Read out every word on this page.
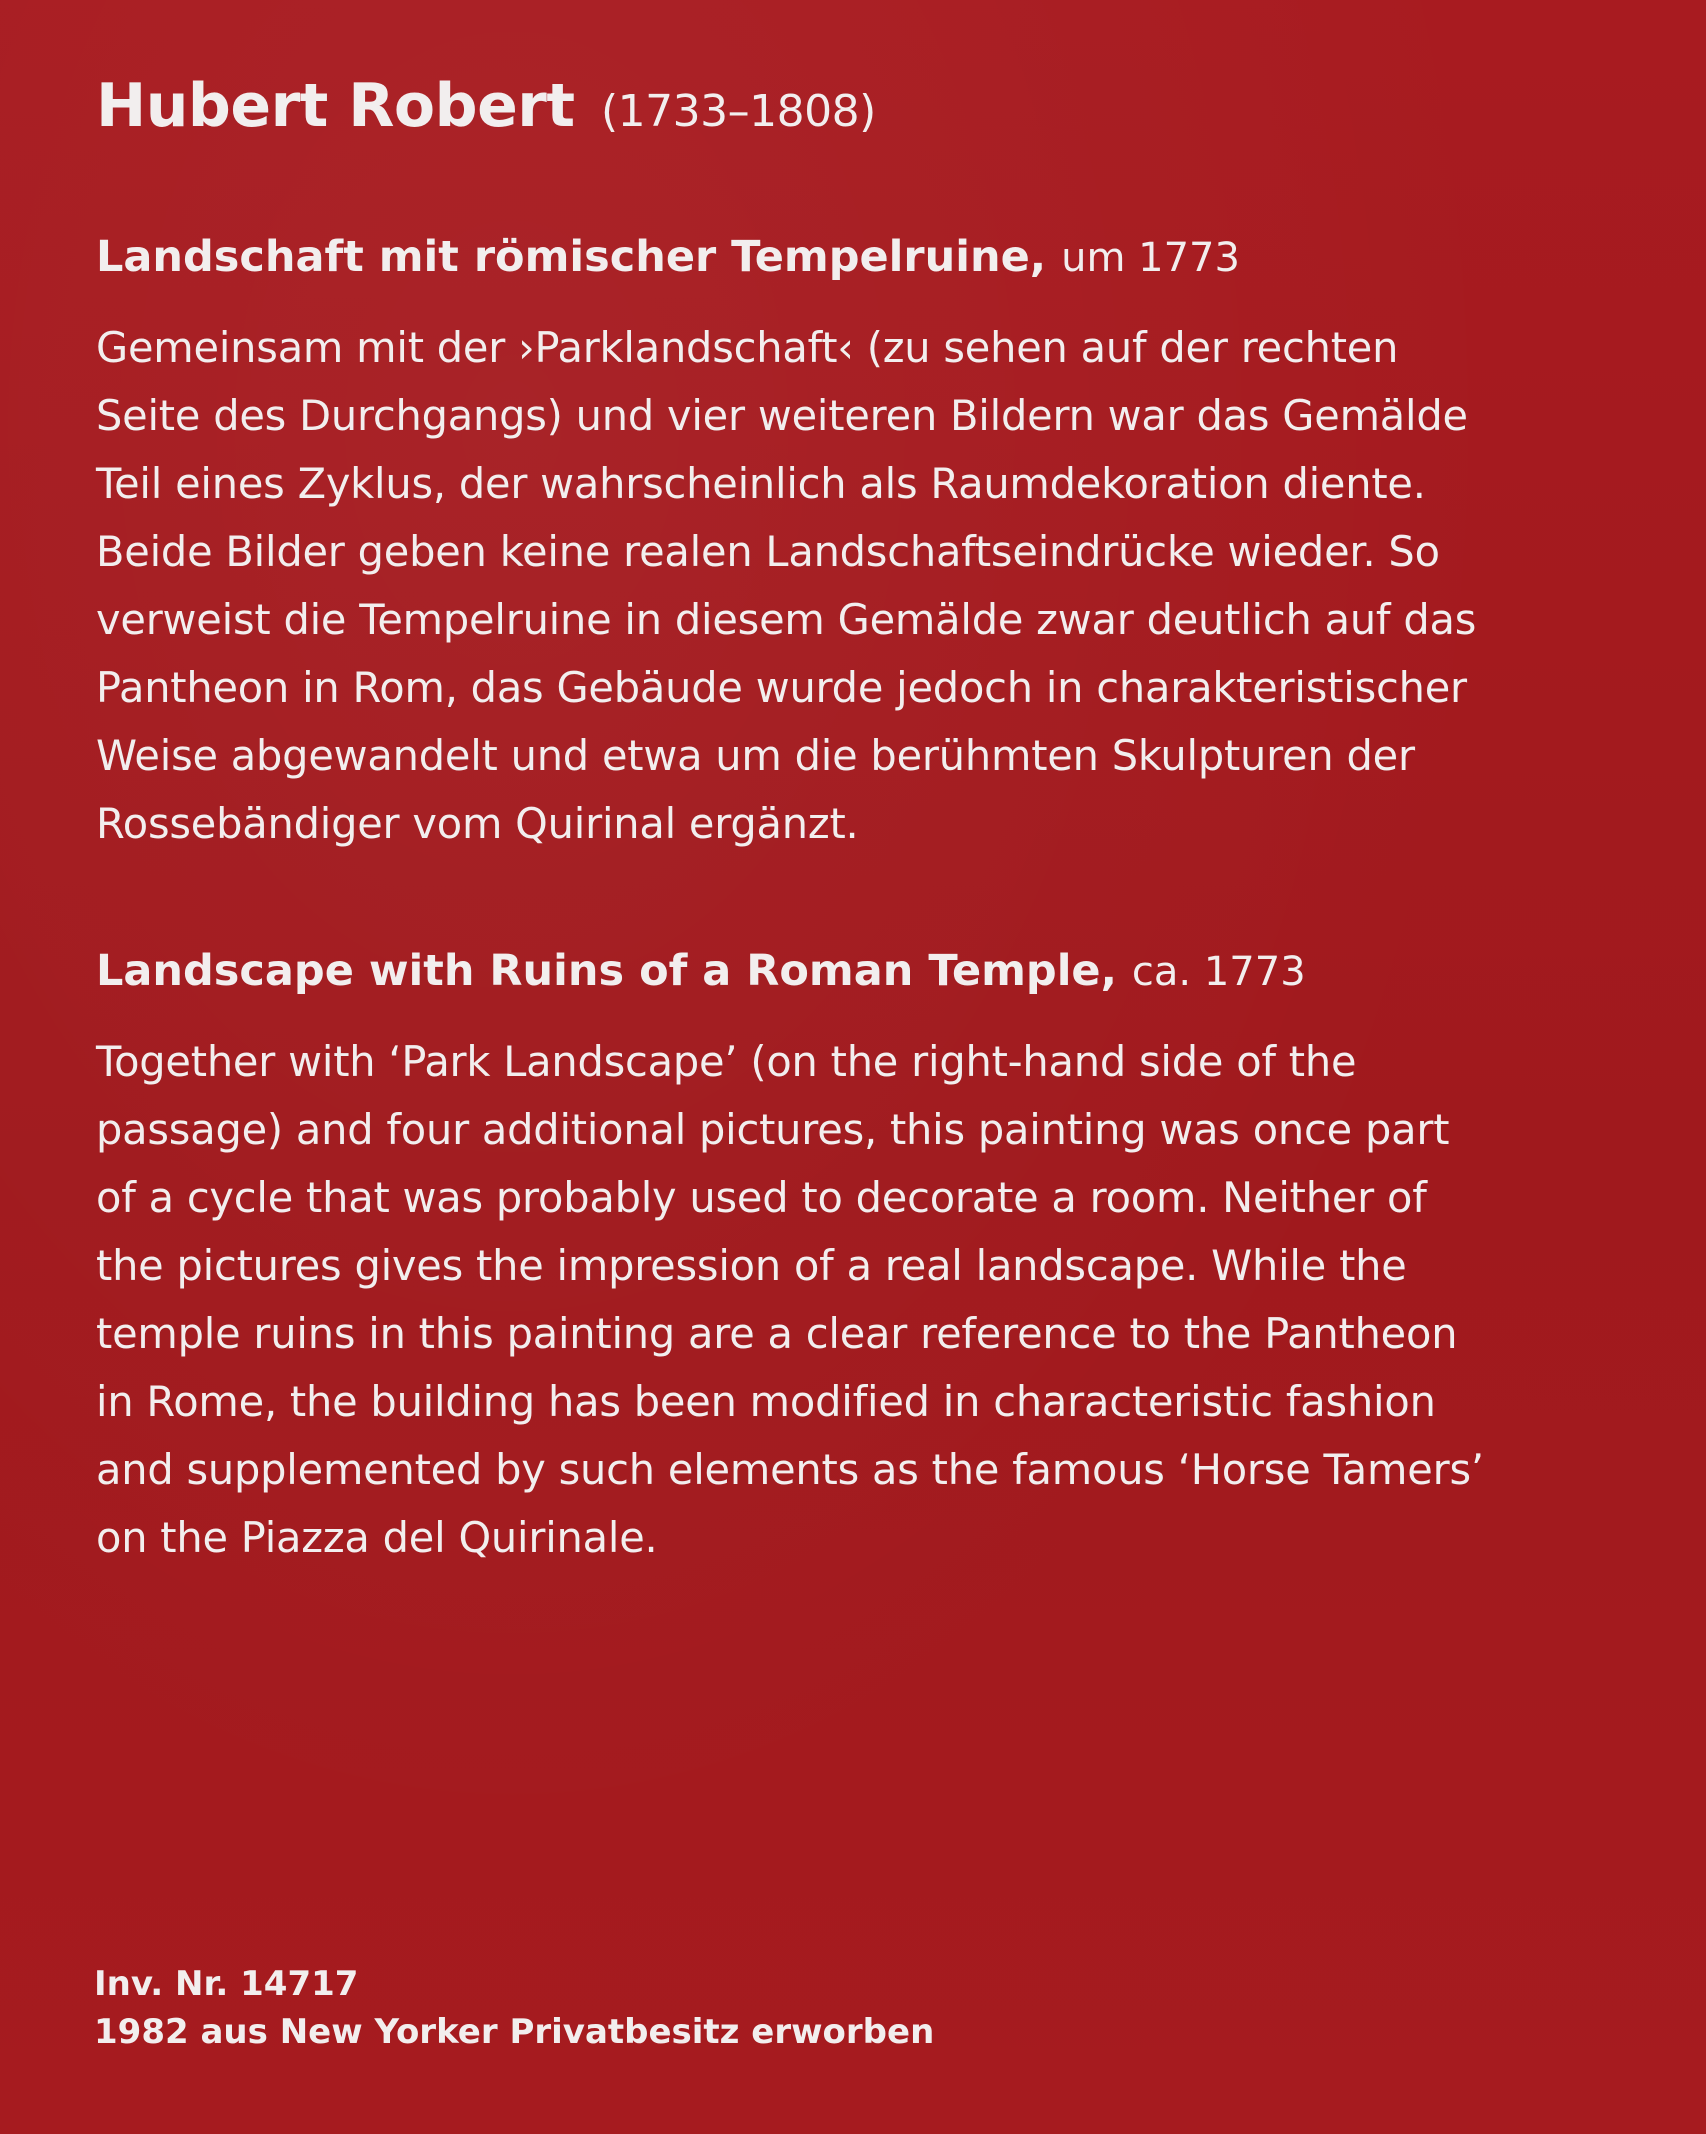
Hubert Robert (1733–1808)
Landschaft mit römischer Tempelruine, um 1773

Gemeinsam mit der ›Parklandschaft‹ (zu sehen auf der rechten
Seite des Durchgangs) und vier weiteren Bildern war das Gemälde
Teil eines Zyklus, der wahrscheinlich als Raumdekoration diente.
Beide Bilder geben keine realen Landschaftseindrücke wieder. So
verweist die Tempelruine in diesem Gemälde zwar deutlich auf das
Pantheon in Rom, das Gebäude wurde jedoch in charakteristischer
Weise abgewandelt und etwa um die berühmten Skulpturen der
Rossebändiger vom Quirinal ergänzt.

Landscape with Ruins of a Roman Temple, ca. 1773

Together with ‘Park Landscape’ (on the right-hand side of the
passage) and four additional pictures, this painting was once part
of a cycle that was probably used to decorate a room. Neither of
the pictures gives the impression of a real landscape. While the
temple ruins in this painting are a clear reference to the Pantheon
in Rome, the building has been modified in characteristic fashion
and supplemented by such elements as the famous ‘Horse Tamers’
on the Piazza del Quirinale.

Inv. Nr. 14717
1982 aus New Yorker Privatbesitz erworben
